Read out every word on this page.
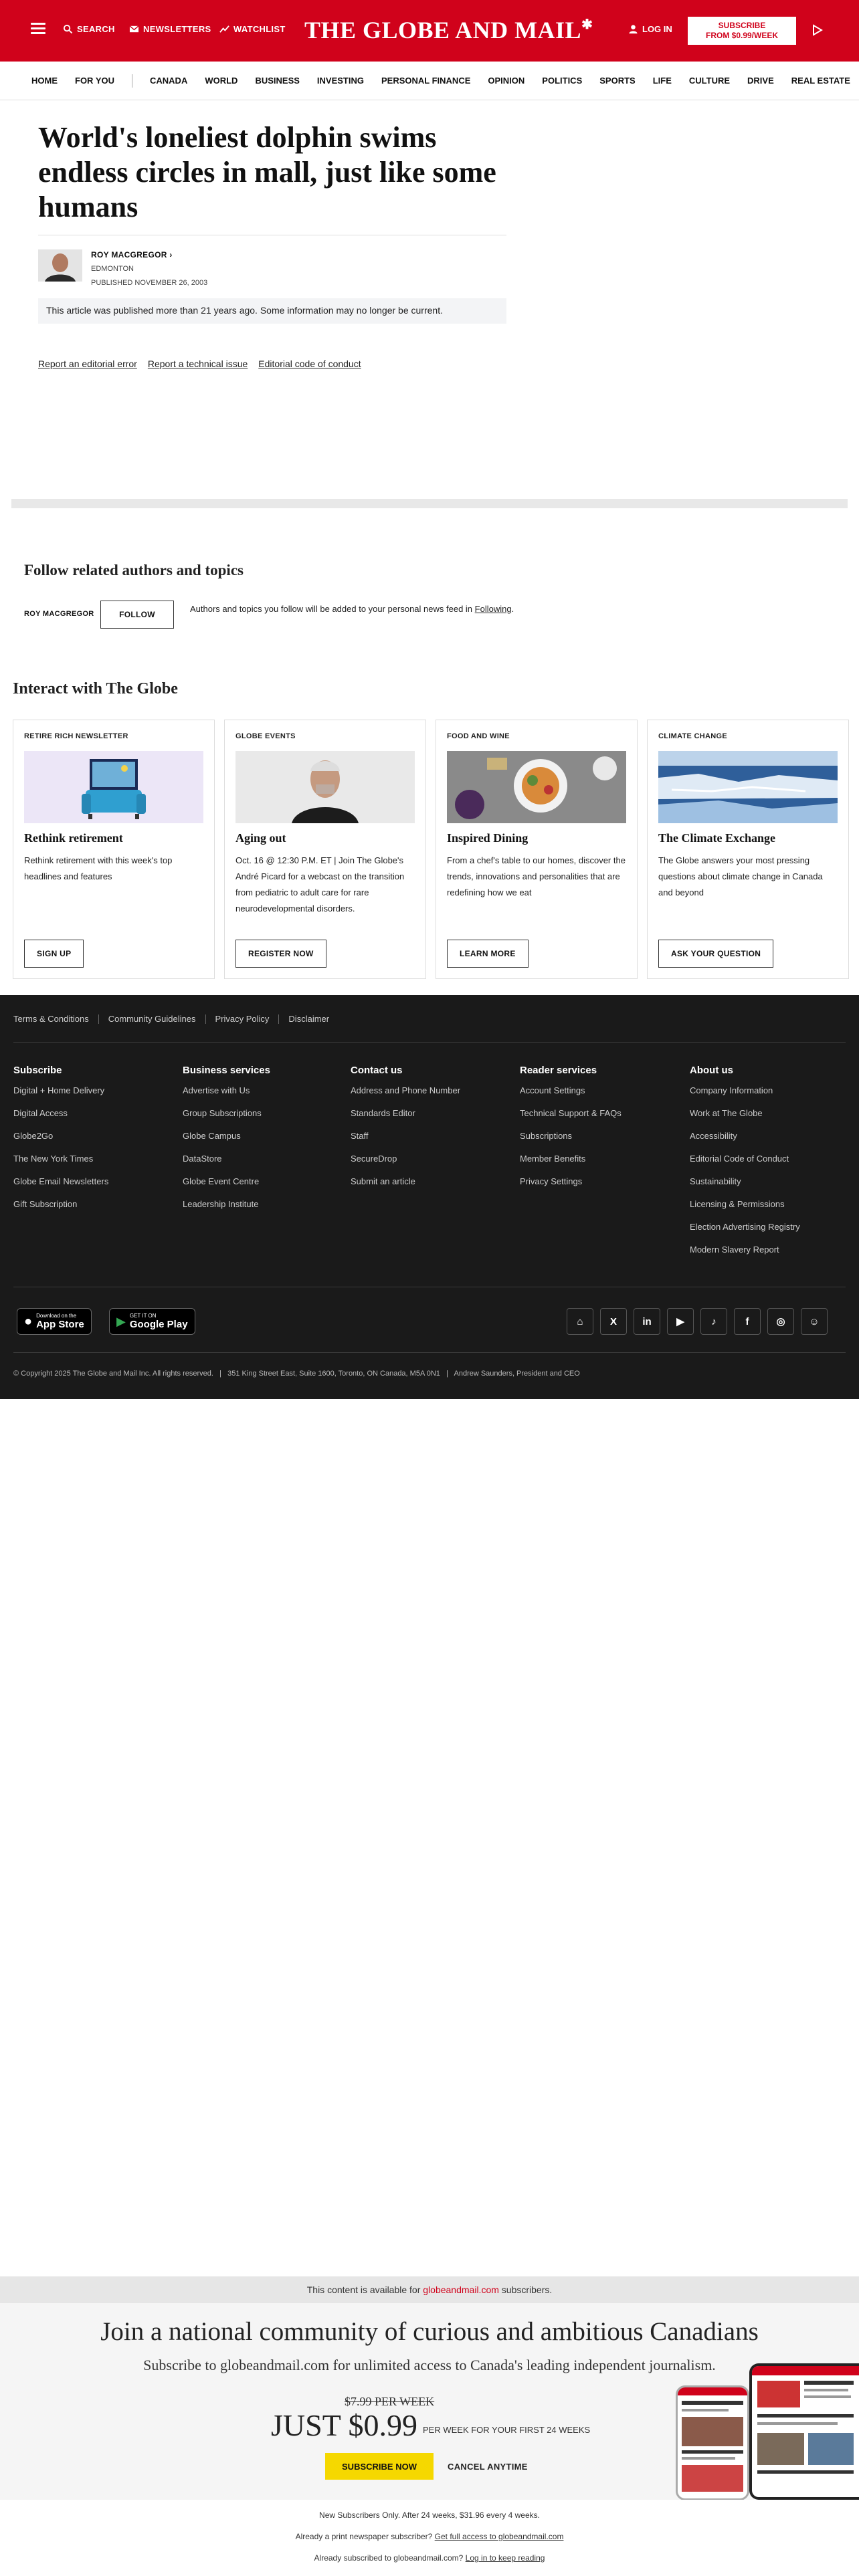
SEARCH	NEWSLETTERS	WATCHLIST THE GLOBE AND MAIL✱	LOG IN	SUBSCRIBE
FROM $0.99/WEEK
HOME FOR YOU	CANADA WORLD BUSINESS INVESTING PERSONAL FINANCE OPINION POLITICS SPORTS LIFE CULTURE DRIVE REAL ESTATE
World's loneliest dolphin swims endless circles in mall, just like some humans
ROY MACGREGOR ›
EDMONTON
PUBLISHED NOVEMBER 26, 2003
This article was published more than 21 years ago. Some information may no longer be current.
Report an editorial error Report a technical issue Editorial code of conduct
Follow related authors and topics
ROY MACGREGOR	FOLLOW
Authors and topics you follow will be added to your personal news feed in Following.
Interact with The Globe
RETIRE RICH NEWSLETTER
Rethink retirement
Rethink retirement with this week's top headlines and features
SIGN UP
GLOBE EVENTS
Aging out
Oct. 16 @ 12:30 P.M. ET | Join The Globe's André Picard for a webcast on the transition from pediatric to adult care for rare neurodevelopmental disorders.
REGISTER NOW
FOOD AND WINE
Inspired Dining
From a chef's table to our homes, discover the trends, innovations and personalities that are redefining how we eat
LEARN MORE
CLIMATE CHANGE
The Climate Exchange
The Globe answers your most pressing questions about climate change in Canada and beyond
ASK YOUR QUESTION
Terms & Conditions Community Guidelines Privacy Policy Disclaimer
Subscribe
Digital + Home Delivery
Digital Access
Globe2Go
The New York Times
Globe Email Newsletters
Gift Subscription
Business services
Advertise with Us
Group Subscriptions
Globe Campus
DataStore
Globe Event Centre
Leadership Institute
Contact us
Address and Phone Number
Standards Editor
Staff
SecureDrop
Submit an article
Reader services
Account Settings
Technical Support & FAQs
Subscriptions
Member Benefits
Privacy Settings
About us
Company Information
Work at The Globe
Accessibility
Editorial Code of Conduct
Sustainability
Licensing & Permissions
Election Advertising Registry
Modern Slavery Report
● Download on the
App Store	▶ GET IT ON
Google Play	⌂	X	in	▶	♪	f	◎	☺
© Copyright 2025 The Globe and Mail Inc. All rights reserved.   |   351 King Street East, Suite 1600, Toronto, ON Canada, M5A 0N1   |   Andrew Saunders, President and CEO
This content is available for globeandmail.com subscribers.
Join a national community of curious and ambitious Canadians
Subscribe to globeandmail.com for unlimited access to Canada's leading independent journalism.
$7.99 PER WEEK
JUST $0.99 PER WEEK FOR YOUR FIRST 24 WEEKS
SUBSCRIBE NOW	CANCEL ANYTIME
New Subscribers Only. After 24 weeks, $31.96 every 4 weeks.
Already a print newspaper subscriber? Get full access to globeandmail.com
Already subscribed to globeandmail.com? Log in to keep reading
